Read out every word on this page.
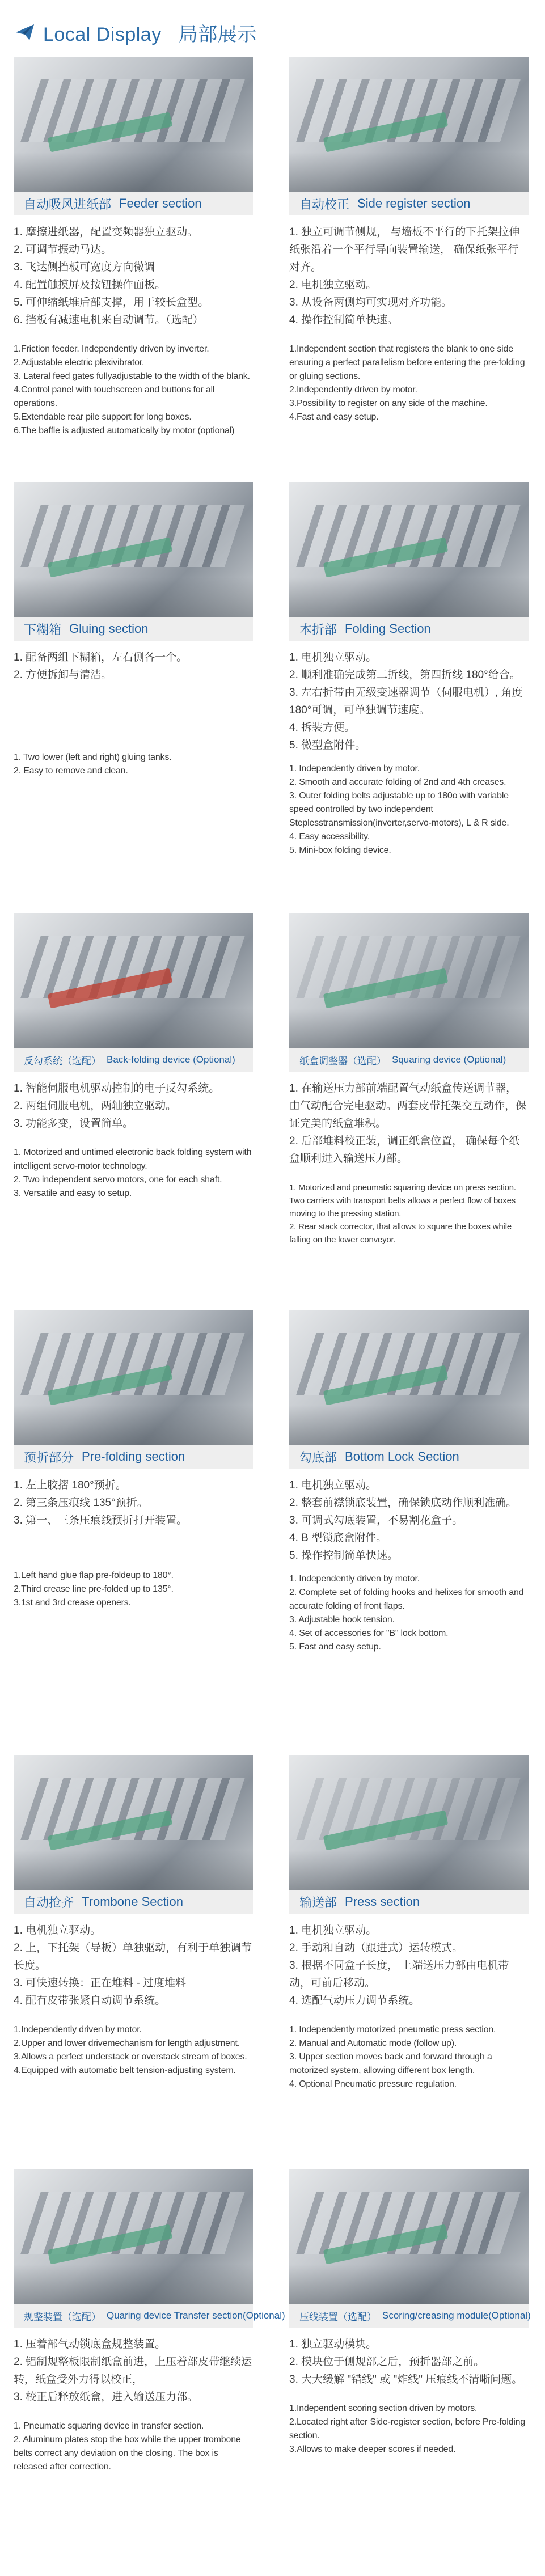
Local Display 局部展示
自动吸风进纸部 Feeder section
1. 摩擦进纸器，配置变频器独立驱动。
2. 可调节振动马达。
3. 飞达侧挡板可宽度方向微调
4. 配置触摸屏及按钮操作面板。
5. 可伸缩纸堆后部支撑，用于较长盒型。
6. 挡板有减速电机来自动调节。（选配）
1.Friction feeder. Independently driven by inverter.
2.Adjustable electric plexivibrator.
3. Lateral feed gates fullyadjustable to the width of the blank.
4.Control panel with touchscreen and buttons for all operations.
5.Extendable rear pile support for long boxes.
6.The baffle is adjusted automatically by motor (optional)
自动校正 Side register section
1. 独立可调节侧规， 与墙板不平行的下托架拉伸纸张沿着一个平行导向装置输送， 确保纸张平行对齐。
2. 电机独立驱动。
3. 从设备两侧均可实现对齐功能。
4. 操作控制简单快速。
1.Independent section that registers the blank to one side ensuring a perfect parallelism before entering the pre-folding or gluing sections.
2.Independently driven by motor.
3.Possibility to register on any side of the machine.
4.Fast and easy setup.
下糊箱 Gluing section
1. 配备两组下糊箱，左右侧各一个。
2. 方便拆卸与清洁。
1. Two lower (left and right) gluing tanks.
2. Easy to remove and clean.
本折部 Folding Section
1. 电机独立驱动。
2. 顺利准确完成第二折线，第四折线 180°给合。
3. 左右折带由无级变速器调节（伺服电机）, 角度 180°可调，可单独调节速度。
4. 拆装方便。
5. 微型盒附件。
1. Independently driven by motor.
2. Smooth and accurate folding of 2nd and 4th creases.
3. Outer folding belts adjustable up to 180o with variable speed controlled by two independent Steplesstransmission(inverter,servo-motors), L & R side.
4. Easy accessibility.
5. Mini-box folding device.
反勾系统（选配） Back-folding device (Optional)
1. 智能伺服电机驱动控制的电子反勾系统。
2. 两组伺服电机，两轴独立驱动。
3. 功能多变，设置简单。
1. Motorized and untimed electronic back folding system with intelligent servo-motor technology.
2. Two independent servo motors, one for each shaft.
3. Versatile and easy to setup.
纸盒调整器（选配） Squaring device (Optional)
1. 在输送压力部前端配置气动纸盒传送调节器， 由气动配合完电驱动。两套皮带托架交互动作，保证完美的纸盒堆积。
2. 后部堆料校正装，调正纸盒位置， 确保每个纸盒顺利进入输送压力部。
1. Motorized and pneumatic squaring device on press section. Two carriers with transport belts allows a perfect flow of boxes moving to the pressing station.
2. Rear stack corrector, that allows to square the boxes while falling on the lower conveyor.
预折部分 Pre-folding section
1. 左上胶摺 180°预折。
2. 第三条压痕线 135°预折。
3. 第一、三条压痕线预折打开装置。
1.Left hand glue flap pre-foldeup to 180°.
2.Third crease line pre-folded up to 135°.
3.1st and 3rd crease openers.
勾底部 Bottom Lock Section
1. 电机独立驱动。
2. 整套前襟锁底装置，确保锁底动作顺利准确。
3. 可调式勾底装置，不易割花盒子。
4. B 型锁底盒附件。
5. 操作控制简单快速。
1. Independently driven by motor.
2. Complete set of folding hooks and helixes for smooth and accurate folding of front flaps.
3. Adjustable hook tension.
4. Set of accessories for "B" lock bottom.
5. Fast and easy setup.
自动抢齐 Trombone Section
1. 电机独立驱动。
2. 上，下托架（导板）单独驱动，有利于单独调节长度。
3. 可快速转换：正在堆料 - 过度堆料
4. 配有皮带张紧自动调节系统。
1.Independently driven by motor.
2.Upper and lower drivemechanism for length adjustment.
3.Allows a perfect understack or overstack stream of boxes.
4.Equipped with automatic belt tension-adjusting system.
输送部 Press section
1. 电机独立驱动。
2. 手动和自动（跟进式）运转模式。
3. 根据不同盒子长度， 上端送压力部由电机带动，可前后移动。
4. 选配气动压力调节系统。
1. Independently motorized pneumatic press section.
2. Manual and Automatic mode (follow up).
3. Upper section moves back and forward through a motorized system, allowing different box length.
4. Optional Pneumatic pressure regulation.
规整装置（选配） Quaring device Transfer section(Optional)
1. 压着部气动锁底盒规整装置。
2. 铝制规整板限制纸盒前进，上压着部皮带继续运转，纸盒受外力得以校正，
3. 校正后释放纸盒，进入输送压力部。
1. Pneumatic squaring device in transfer section.
2. Aluminum plates stop the box while the upper trombone belts correct any deviation on the closing. The box is released after correction.
压线装置（选配） Scoring/creasing module(Optional)
1. 独立驱动模块。
2. 模块位于侧规部之后，预折器部之前。
3. 大大缓解 "错线" 或 "炸线" 压痕线不清晰问题。
1.Independent scoring section driven by motors.
2.Located right after Side-register section, before Pre-folding section.
3.Allows to make deeper scores if needed.
